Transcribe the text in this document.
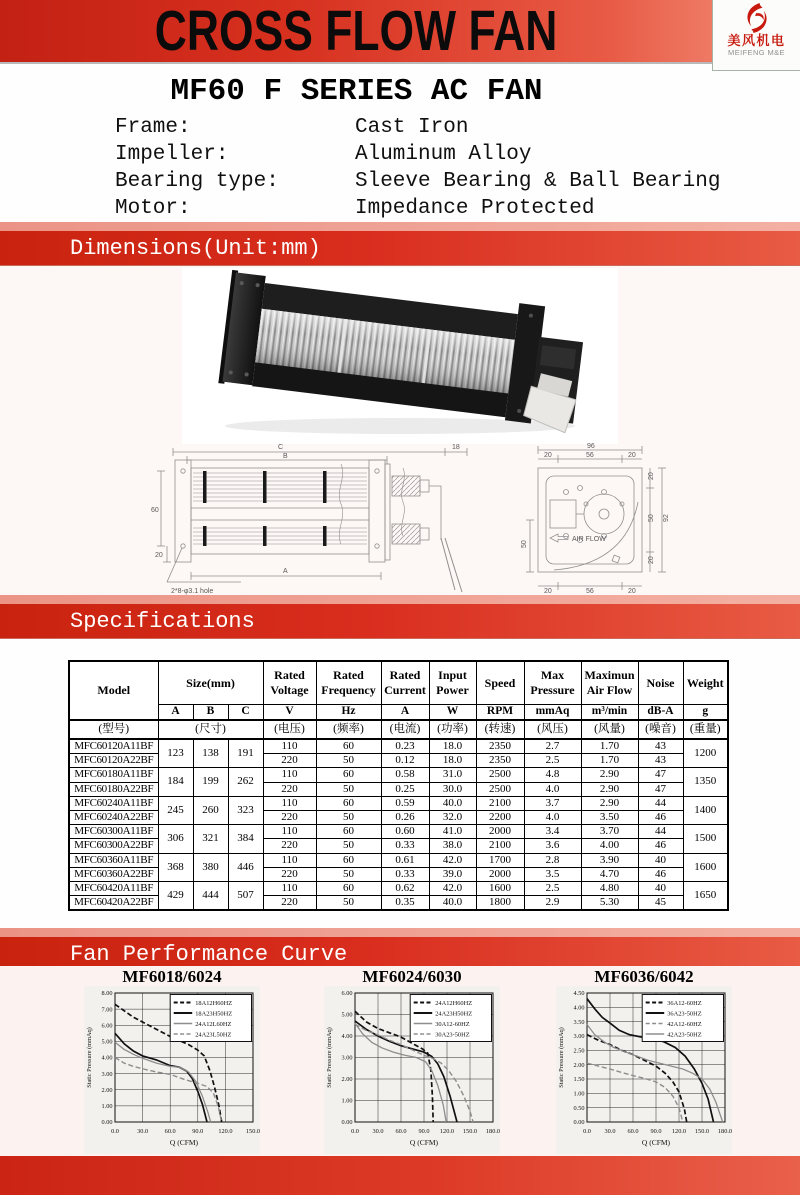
CROSS FLOW FAN	美风机电
MEIFENG M&E
MF60 F SERIES AC FAN
Frame:	Cast Iron
Impeller:	Aluminum Alloy
Bearing type:	Sleeve Bearing & Ball Bearing
Motor:	Impedance Protected
Dimensions(Unit:mm)
C
B
18
60
20
A
2*8-φ3.1 hole
96
20	56	20
20
50
20
92
50
20	56	20
AIR FLOW
Specifications
Model	Size(mm)			Rated Voltage	Rated Frequency	Rated Current	Input Power	Speed	Max Pressure	Maximun Air Flow	Noise	Weight
	A	B	C	V	Hz	A	W	RPM	mmAq	m³/min	dB-A	g
(型号)	(尺寸)			(电压)	(频率)	(电流)	(功率)	(转速)	(风压)	(风量)	(噪音)	(重量)
MFC60120A11BF	123	138	191	110	60	0.23	18.0	2350	2.7	1.70	43	1200
MFC60120A22BF				220	50	0.12	18.0	2350	2.5	1.70	43	
MFC60180A11BF	184	199	262	110	60	0.58	31.0	2500	4.8	2.90	47	1350
MFC60180A22BF				220	50	0.25	30.0	2500	4.0	2.90	47	
MFC60240A11BF	245	260	323	110	60	0.59	40.0	2100	3.7	2.90	44	1400
MFC60240A22BF				220	50	0.26	32.0	2200	4.0	3.50	46	
MFC60300A11BF	306	321	384	110	60	0.60	41.0	2000	3.4	3.70	44	1500
MFC60300A22BF				220	50	0.33	38.0	2100	3.6	4.00	46	
MFC60360A11BF	368	380	446	110	60	0.61	42.0	1700	2.8	3.90	40	1600
MFC60360A22BF				220	50	0.33	39.0	2000	3.5	4.70	46	
MFC60420A11BF	429	444	507	110	60	0.62	42.0	1600	2.5	4.80	40	1650
MFC60420A22BF				220	50	0.35	40.0	1800	2.9	5.30	45	
Fan Performance Curve
MF6018/6024
0.00
1.00
2.00
3.00
4.00
5.00
6.00
7.00
8.00
0.0	30.0	60.0	90.0 120.0 150.0
Q (CFM)
Static Pressure (mmAq)
18A12H60HZ
18A23H50HZ
24A12L60HZ
24A23L50HZ
MF6024/6030
0.00
1.00
2.00
3.00
4.00
5.00
6.00
0.0 30.0 60.0 90.0 120.0 150.0 180.0
Q (CFM)
Static Pressure (mmAq)
24A12H60HZ
24A23H50HZ
30A12-60HZ
30A23-50HZ
MF6036/6042
0.00
0.50
1.00
1.50
2.00
2.50
3.00
3.50
4.00
4.50
0.0 30.0 60.0 90.0 120.0 150.0 180.0
Q (CFM)
Static Pressure (mmAq)
36A12-60HZ
36A23-50HZ
42A12-60HZ
42A23-50HZ
